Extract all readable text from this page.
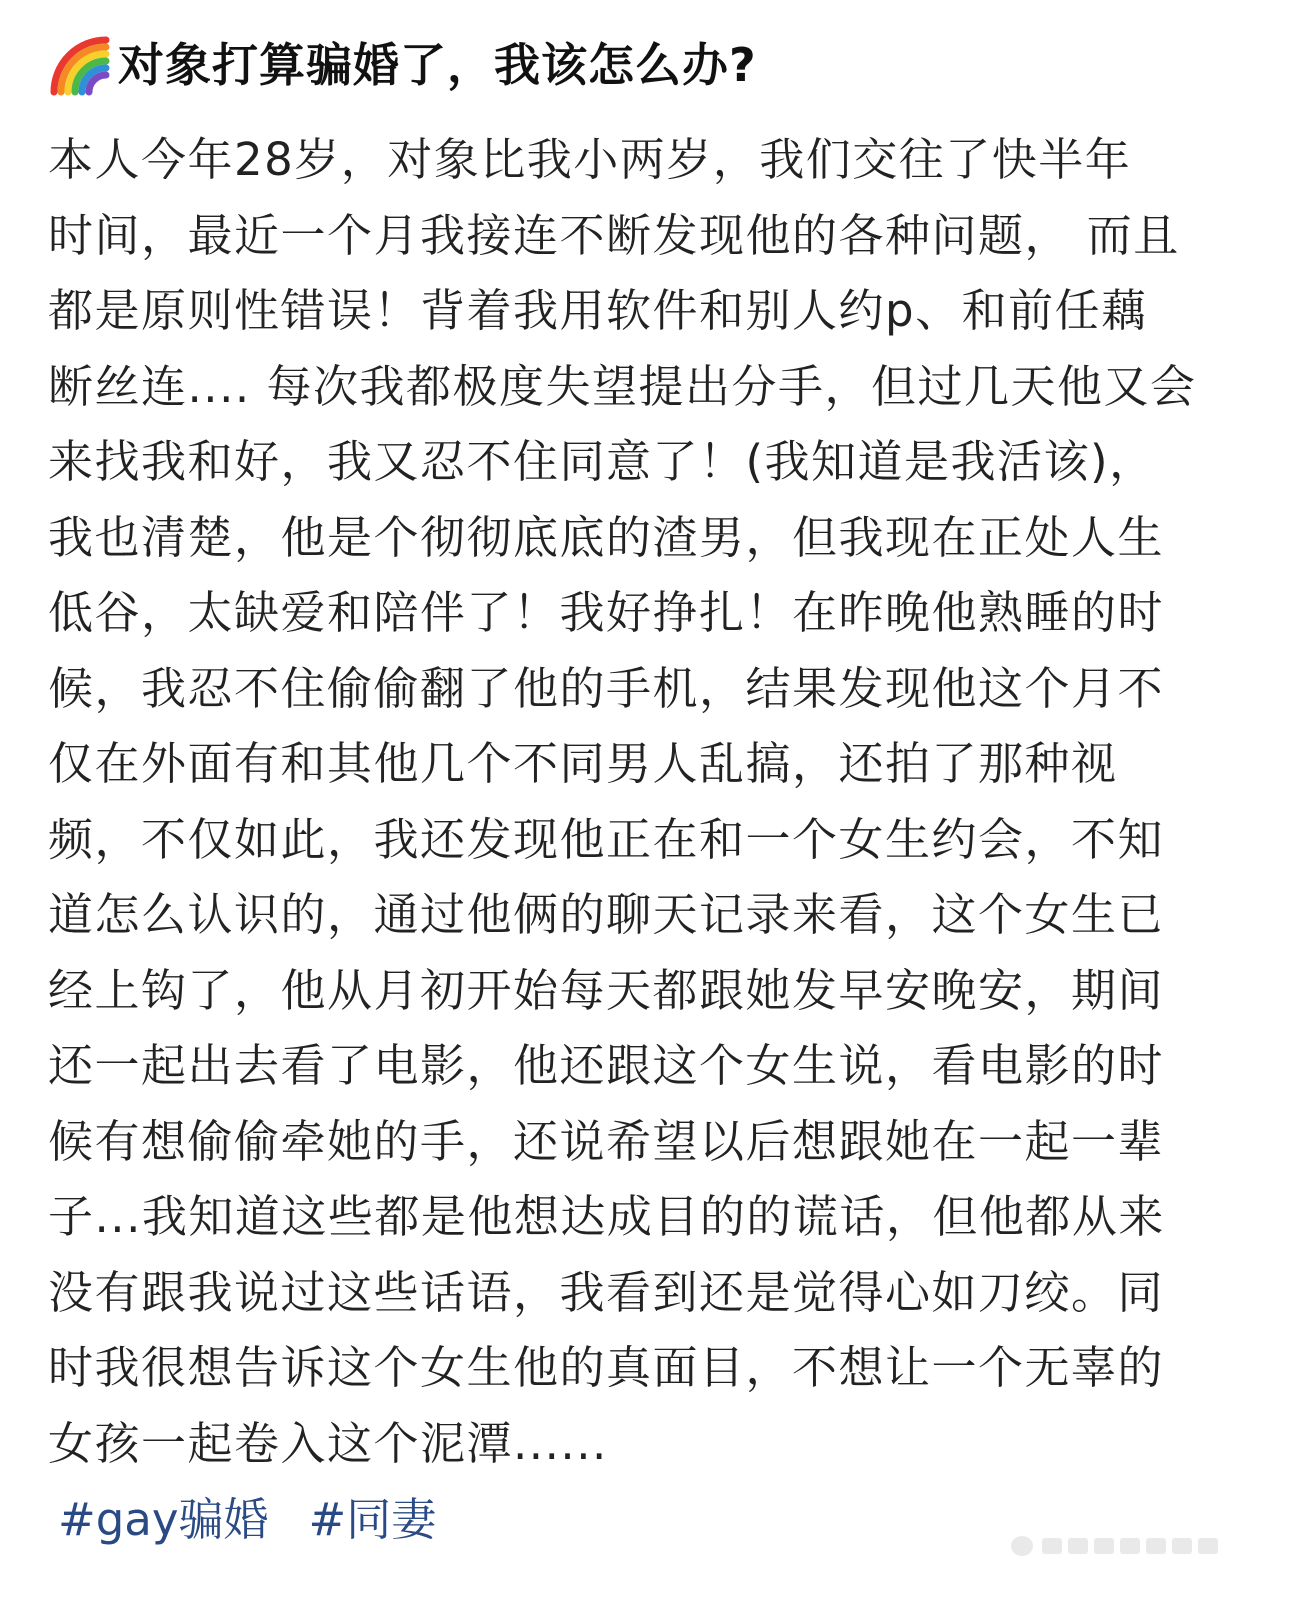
对象打算骗婚了，我该怎么办?
本人今年28岁，对象比我小两岁，我们交往了快半年
时间，最近一个月我接连不断发现他的各种问题， 而且
都是原则性错误！背着我用软件和别人约p、和前任藕
断丝连.... 每次我都极度失望提出分手，但过几天他又会
来找我和好，我又忍不住同意了！(我知道是我活该)，
我也清楚，他是个彻彻底底的渣男，但我现在正处人生
低谷，太缺爱和陪伴了！我好挣扎！在昨晚他熟睡的时
候，我忍不住偷偷翻了他的手机，结果发现他这个月不
仅在外面有和其他几个不同男人乱搞，还拍了那种视
频，不仅如此，我还发现他正在和一个女生约会，不知
道怎么认识的，通过他俩的聊天记录来看，这个女生已
经上钩了，他从月初开始每天都跟她发早安晚安，期间
还一起出去看了电影，他还跟这个女生说，看电影的时
候有想偷偷牵她的手，还说希望以后想跟她在一起一辈
子...我知道这些都是他想达成目的的谎话，但他都从来
没有跟我说过这些话语，我看到还是觉得心如刀绞。同
时我很想告诉这个女生他的真面目，不想让一个无辜的
女孩一起卷入这个泥潭......
#gay骗婚 #同妻
